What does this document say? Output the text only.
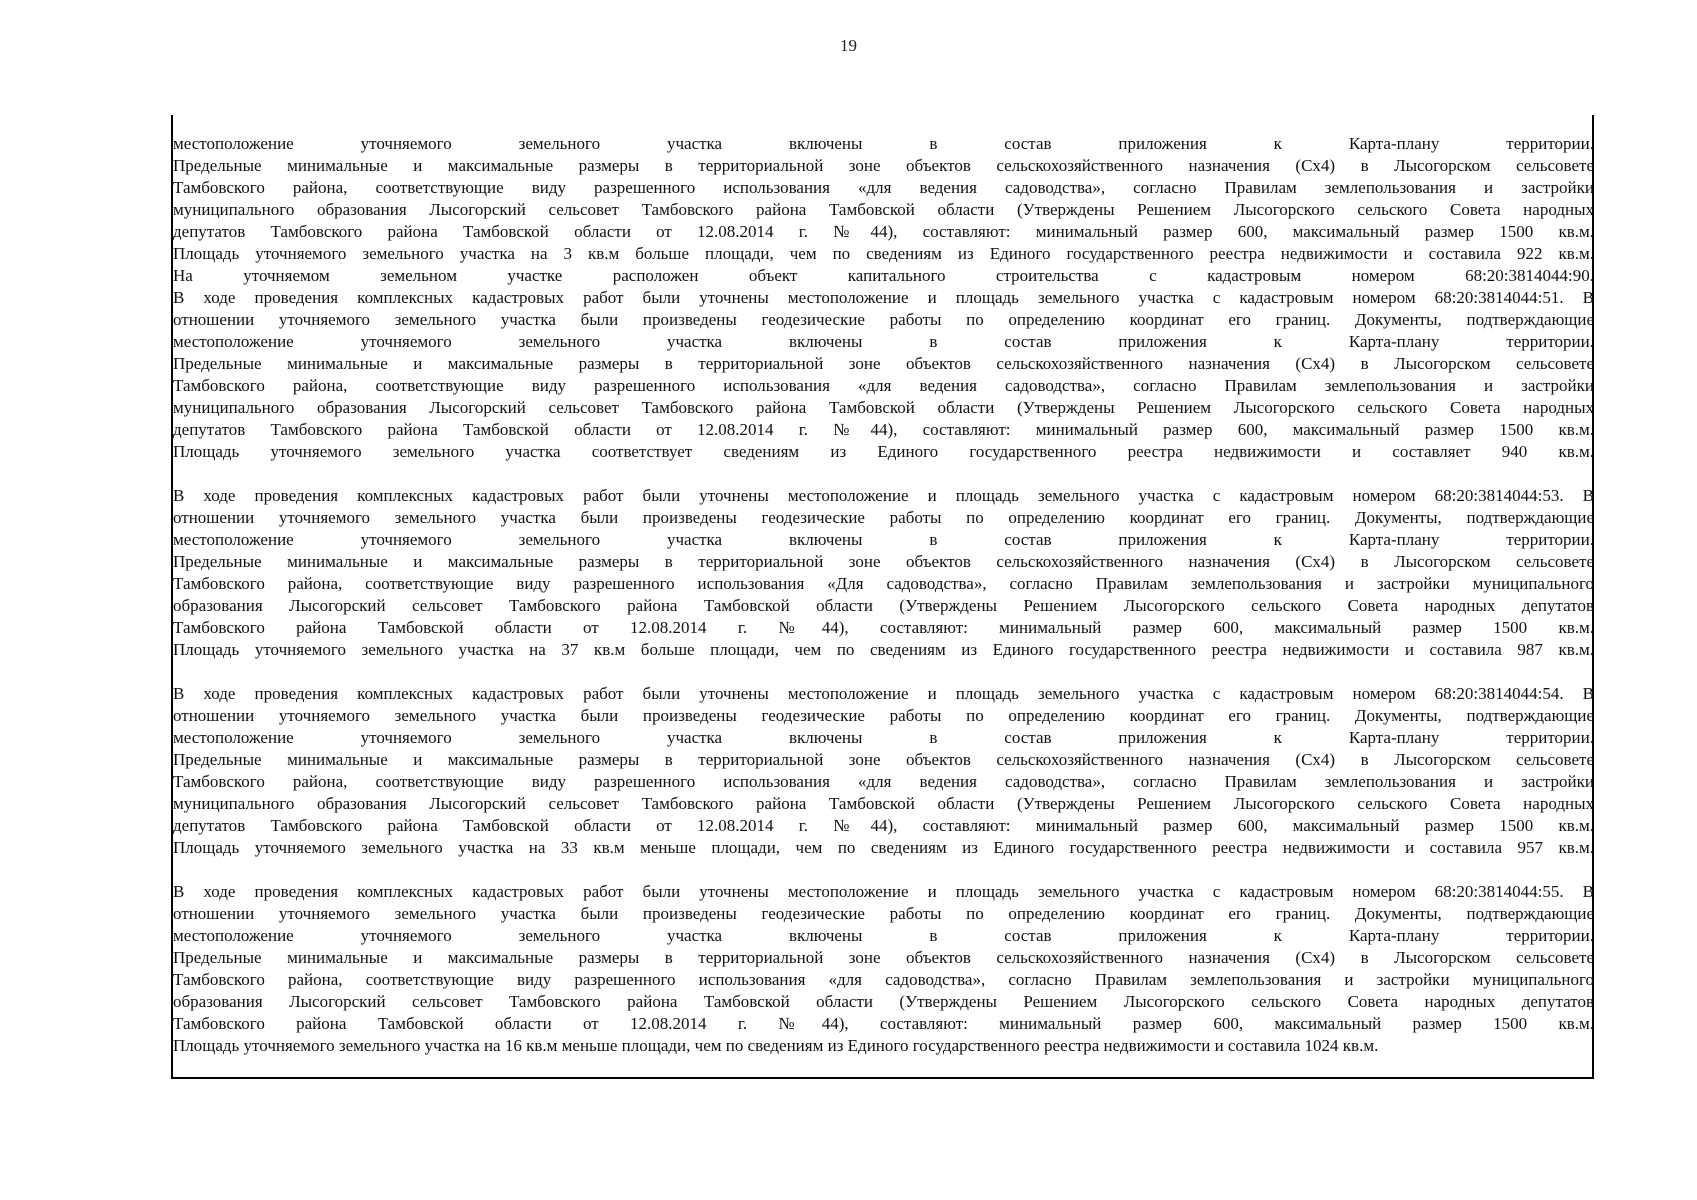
19
местоположение уточняемого земельного участка включены в состав приложения к Карта-плану территории.
Предельные минимальные и максимальные размеры в территориальной зоне объектов сельскохозяйственного назначения (Сх4) в Лысогорском сельсовете
Тамбовского района, соответствующие виду разрешенного использования «для ведения садоводства», согласно Правилам землепользования и застройки
муниципального образования Лысогорский сельсовет Тамбовского района Тамбовской области (Утверждены Решением Лысогорского сельского Совета народных
депутатов Тамбовского района Тамбовской области от 12.08.2014 г. №44), составляют: минимальный размер 600, максимальный размер 1500 кв.м.
Площадь уточняемого земельного участка на 3 кв.м больше площади, чем по сведениям из Единого государственного реестра недвижимости и составила 922 кв.м.
На уточняемом земельном участке расположен объект капитального строительства с кадастровым номером 68:20:3814044:90.
В ходе проведения комплексных кадастровых работ были уточнены местоположение и площадь земельного участка с кадастровым номером 68:20:3814044:51. В
отношении уточняемого земельного участка были произведены геодезические работы по определению координат его границ. Документы, подтверждающие
местоположение уточняемого земельного участка включены в состав приложения к Карта-плану территории.
Предельные минимальные и максимальные размеры в территориальной зоне объектов сельскохозяйственного назначения (Сх4) в Лысогорском сельсовете
Тамбовского района, соответствующие виду разрешенного использования «для ведения садоводства», согласно Правилам землепользования и застройки
муниципального образования Лысогорский сельсовет Тамбовского района Тамбовской области (Утверждены Решением Лысогорского сельского Совета народных
депутатов Тамбовского района Тамбовской области от 12.08.2014 г. №44), составляют: минимальный размер 600, максимальный размер 1500 кв.м.
Площадь уточняемого земельного участка соответствует сведениям из Единого государственного реестра недвижимости и составляет 940 кв.м.
В ходе проведения комплексных кадастровых работ были уточнены местоположение и площадь земельного участка с кадастровым номером 68:20:3814044:53. В
отношении уточняемого земельного участка были произведены геодезические работы по определению координат его границ. Документы, подтверждающие
местоположение уточняемого земельного участка включены в состав приложения к Карта-плану территории.
Предельные минимальные и максимальные размеры в территориальной зоне объектов сельскохозяйственного назначения (Сх4) в Лысогорском сельсовете
Тамбовского района, соответствующие виду разрешенного использования «Для садоводства», согласно Правилам землепользования и застройки муниципального
образования Лысогорский сельсовет Тамбовского района Тамбовской области (Утверждены Решением Лысогорского сельского Совета народных депутатов
Тамбовского района Тамбовской области от 12.08.2014 г. №44), составляют: минимальный размер 600, максимальный размер 1500 кв.м.
Площадь уточняемого земельного участка на 37 кв.м больше площади, чем по сведениям из Единого государственного реестра недвижимости и составила 987 кв.м.
В ходе проведения комплексных кадастровых работ были уточнены местоположение и площадь земельного участка с кадастровым номером 68:20:3814044:54. В
отношении уточняемого земельного участка были произведены геодезические работы по определению координат его границ. Документы, подтверждающие
местоположение уточняемого земельного участка включены в состав приложения к Карта-плану территории.
Предельные минимальные и максимальные размеры в территориальной зоне объектов сельскохозяйственного назначения (Сх4) в Лысогорском сельсовете
Тамбовского района, соответствующие виду разрешенного использования «для ведения садоводства», согласно Правилам землепользования и застройки
муниципального образования Лысогорский сельсовет Тамбовского района Тамбовской области (Утверждены Решением Лысогорского сельского Совета народных
депутатов Тамбовского района Тамбовской области от 12.08.2014 г. №44), составляют: минимальный размер 600, максимальный размер 1500 кв.м.
Площадь уточняемого земельного участка на 33 кв.м меньше площади, чем по сведениям из Единого государственного реестра недвижимости и составила 957 кв.м.
В ходе проведения комплексных кадастровых работ были уточнены местоположение и площадь земельного участка с кадастровым номером 68:20:3814044:55. В
отношении уточняемого земельного участка были произведены геодезические работы по определению координат его границ. Документы, подтверждающие
местоположение уточняемого земельного участка включены в состав приложения к Карта-плану территории.
Предельные минимальные и максимальные размеры в территориальной зоне объектов сельскохозяйственного назначения (Сх4) в Лысогорском сельсовете
Тамбовского района, соответствующие виду разрешенного использования «для садоводства», согласно Правилам землепользования и застройки муниципального
образования Лысогорский сельсовет Тамбовского района Тамбовской области (Утверждены Решением Лысогорского сельского Совета народных депутатов
Тамбовского района Тамбовской области от 12.08.2014 г. №44), составляют: минимальный размер 600, максимальный размер 1500 кв.м.
Площадь уточняемого земельного участка на 16 кв.м меньше площади, чем по сведениям из Единого государственного реестра недвижимости и составила 1024 кв.м.
